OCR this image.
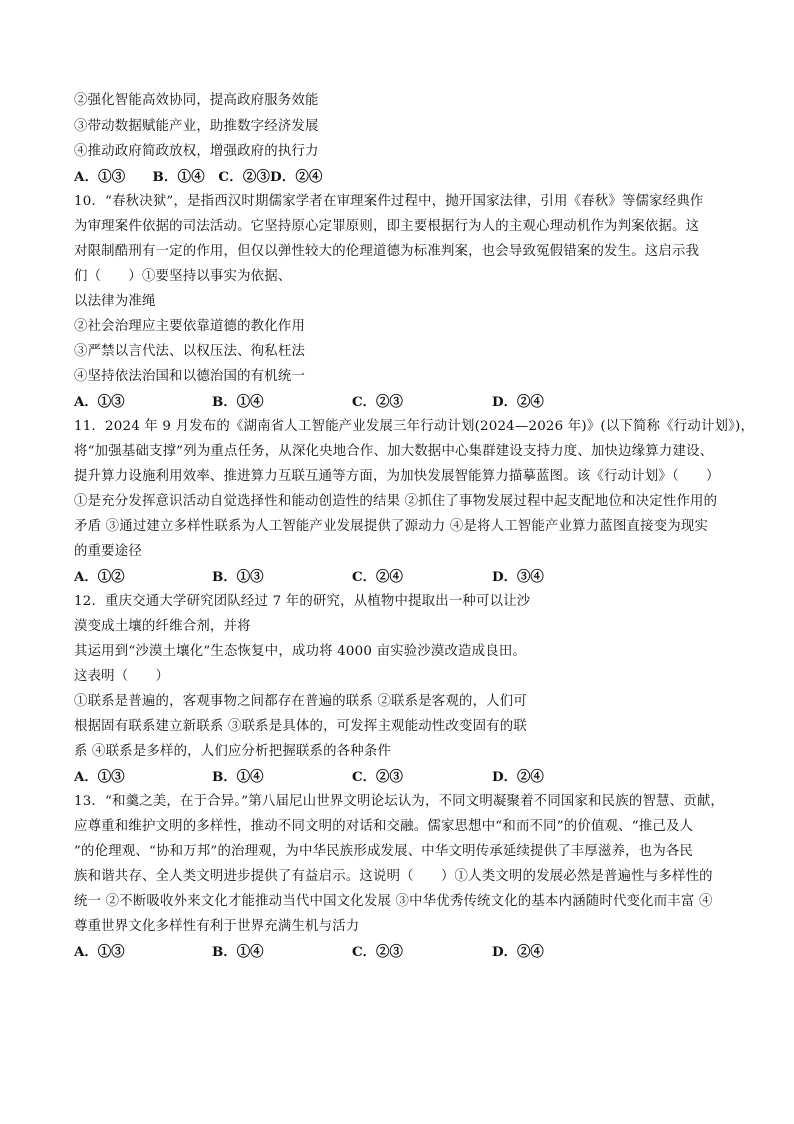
②强化智能高效协同，提高政府服务效能
③带动数据赋能产业，助推数字经济发展
④推动政府简政放权，增强政府的执行力
A．①③　　B．①④　C．②③D．②④
10．“春秋决狱”，是指西汉时期儒家学者在审理案件过程中，抛开国家法律，引用《春秋》等儒家经典作
为审理案件依据的司法活动。它坚持原心定罪原则，即主要根据行为人的主观心理动机作为判案依据。这
对限制酷刑有一定的作用，但仅以弹性较大的伦理道德为标准判案，也会导致冤假错案的发生。这启示我
们（　　）①要坚持以事实为依据、
以法律为准绳
②社会治理应主要依靠道德的教化作用
③严禁以言代法、以权压法、徇私枉法
④坚持依法治国和以德治国的有机统一
A．①③	B．①④	C．②③	D．②④
11．2024 年 9 月发布的《湖南省人工智能产业发展三年行动计划(2024—2026 年)》(以下简称《行动计划》)，
将“加强基础支撑”列为重点任务，从深化央地合作、加大数据中心集群建设支持力度、加快边缘算力建设、
提升算力设施利用效率、推进算力互联互通等方面，为加快发展智能算力描摹蓝图。该《行动计划》（　　）
①是充分发挥意识活动自觉选择性和能动创造性的结果 ②抓住了事物发展过程中起支配地位和决定性作用的
矛盾 ③通过建立多样性联系为人工智能产业发展提供了源动力 ④是将人工智能产业算力蓝图直接变为现实
的重要途径
A．①②	B．①③	C．②④	D．③④
12．重庆交通大学研究团队经过 7 年的研究，从植物中提取出一种可以让沙
漠变成土壤的纤维合剂，并将
其运用到“沙漠土壤化”生态恢复中，成功将 4000 亩实验沙漠改造成良田。
这表明（　　）
①联系是普遍的，客观事物之间都存在普遍的联系 ②联系是客观的，人们可
根据固有联系建立新联系 ③联系是具体的，可发挥主观能动性改变固有的联
系 ④联系是多样的，人们应分析把握联系的各种条件
A．①③	B．①④	C．②③	D．②④
13．“和羹之美，在于合异。”第八届尼山世界文明论坛认为，不同文明凝聚着不同国家和民族的智慧、贡献，
应尊重和维护文明的多样性，推动不同文明的对话和交融。儒家思想中“和而不同”的价值观、“推己及人
”的伦理观、“协和万邦”的治理观，为中华民族形成发展、中华文明传承延续提供了丰厚滋养，也为各民
族和谐共存、全人类文明进步提供了有益启示。这说明（　　）①人类文明的发展必然是普遍性与多样性的
统一 ②不断吸收外来文化才能推动当代中国文化发展 ③中华优秀传统文化的基本内涵随时代变化而丰富 ④
尊重世界文化多样性有利于世界充满生机与活力
A．①③	B．①④	C．②③	D．②④
